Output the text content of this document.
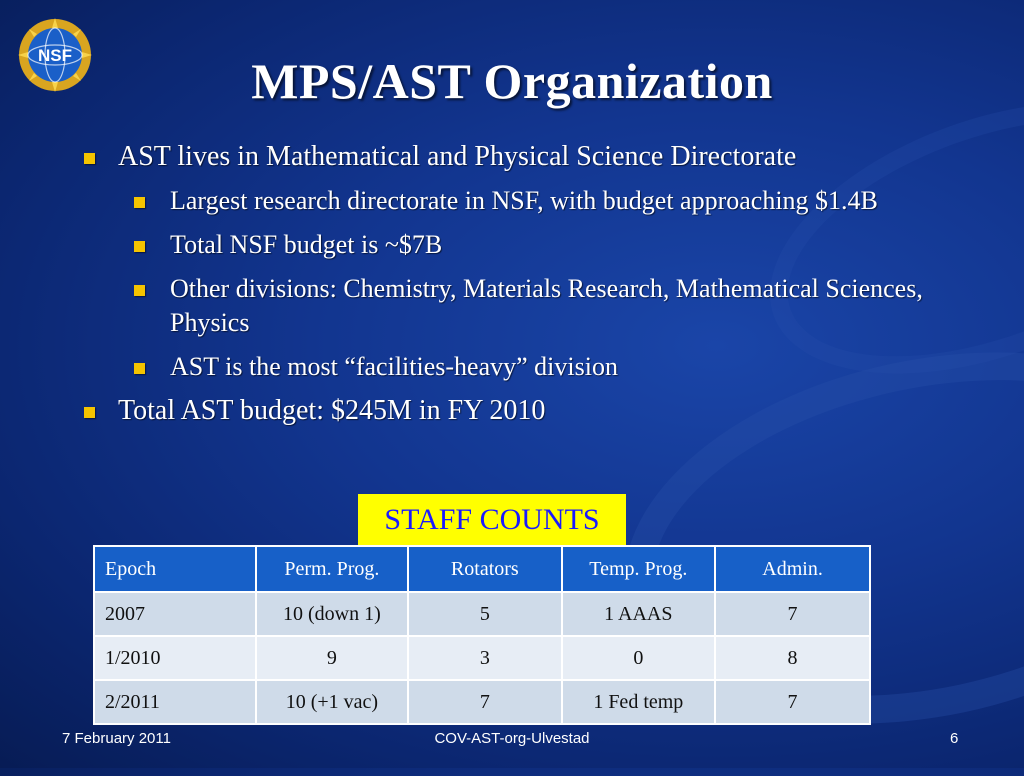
NSF	MPS/AST Organization
AST lives in Mathematical and Physical Science Directorate
Largest research directorate in NSF, with budget approaching $1.4B
Total NSF budget is ~$7B
Other divisions: Chemistry, Materials Research, Mathematical Sciences, Physics
AST is the most “facilities-heavy” division
Total AST budget: $245M in FY 2010
STAFF COUNTS
Epoch	Perm. Prog.	Rotators	Temp. Prog.	Admin.
2007	10 (down 1)	5	1 AAAS	7
1/2010	9	3	0	8
2/2011	10 (+1 vac)	7	1 Fed temp	7
7 February 2011	COV-AST-org-Ulvestad	6
